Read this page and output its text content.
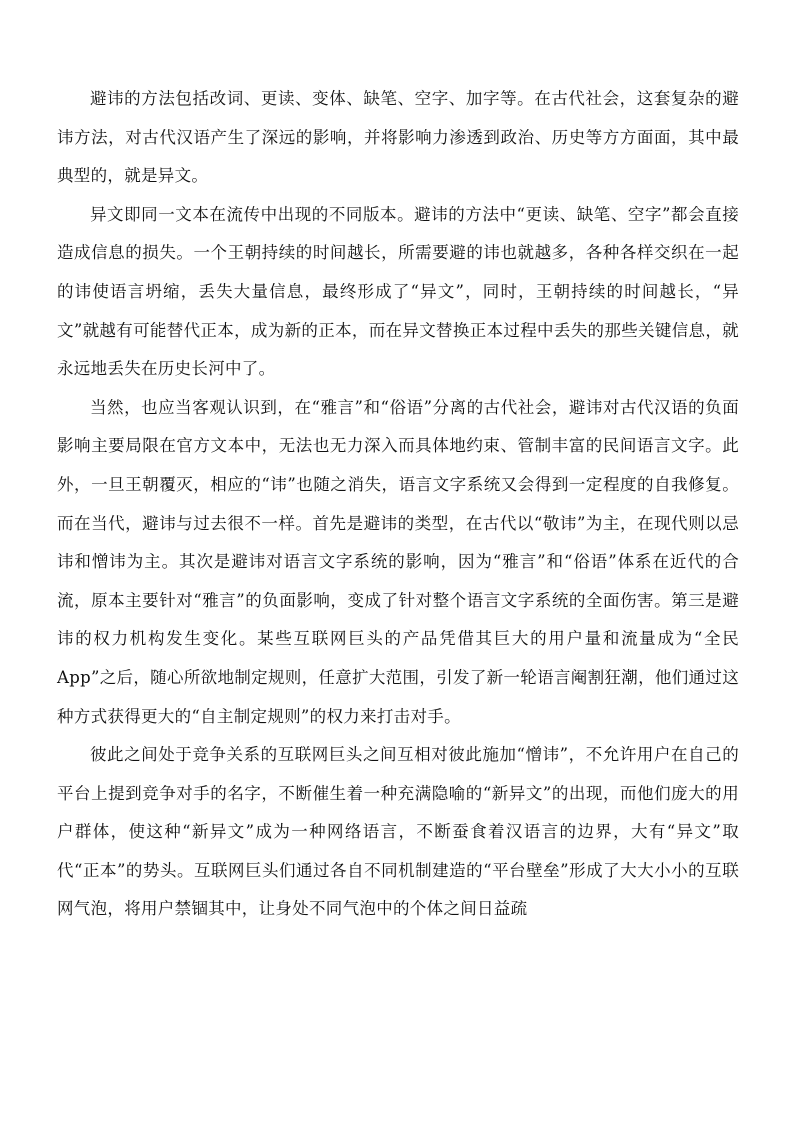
避讳的方法包括改词、更读、变体、缺笔、空字、加字等。在古代社会，这套复杂的避讳方法，对古代汉语产生了深远的影响，并将影响力渗透到政治、历史等方方面面，其中最典型的，就是异文。

异文即同一文本在流传中出现的不同版本。避讳的方法中“更读、缺笔、空字”都会直接造成信息的损失。一个王朝持续的时间越长，所需要避的讳也就越多，各种各样交织在一起的讳使语言坍缩，丢失大量信息，最终形成了“异文”，同时，王朝持续的时间越长，“异文”就越有可能替代正本，成为新的正本，而在异文替换正本过程中丢失的那些关键信息，就永远地丢失在历史长河中了。

当然，也应当客观认识到，在“雅言”和“俗语”分离的古代社会，避讳对古代汉语的负面影响主要局限在官方文本中，无法也无力深入而具体地约束、管制丰富的民间语言文字。此外，一旦王朝覆灭，相应的“讳”也随之消失，语言文字系统又会得到一定程度的自我修复。而在当代，避讳与过去很不一样。首先是避讳的类型，在古代以“敬讳”为主，在现代则以忌讳和憎讳为主。其次是避讳对语言文字系统的影响，因为“雅言”和“俗语”体系在近代的合流，原本主要针对“雅言”的负面影响，变成了针对整个语言文字系统的全面伤害。第三是避讳的权力机构发生变化。某些互联网巨头的产品凭借其巨大的用户量和流量成为“全民 App”之后，随心所欲地制定规则，任意扩大范围，引发了新一轮语言阉割狂潮，他们通过这种方式获得更大的“自主制定规则”的权力来打击对手。

彼此之间处于竞争关系的互联网巨头之间互相对彼此施加“憎讳”，不允许用户在自己的平台上提到竞争对手的名字，不断催生着一种充满隐喻的“新异文”的出现，而他们庞大的用户群体，使这种“新异文”成为一种网络语言，不断蚕食着汉语言的边界，大有“异文”取代“正本”的势头。互联网巨头们通过各自不同机制建造的“平台壁垒”形成了大大小小的互联网气泡，将用户禁锢其中，让身处不同气泡中的个体之间日益疏
